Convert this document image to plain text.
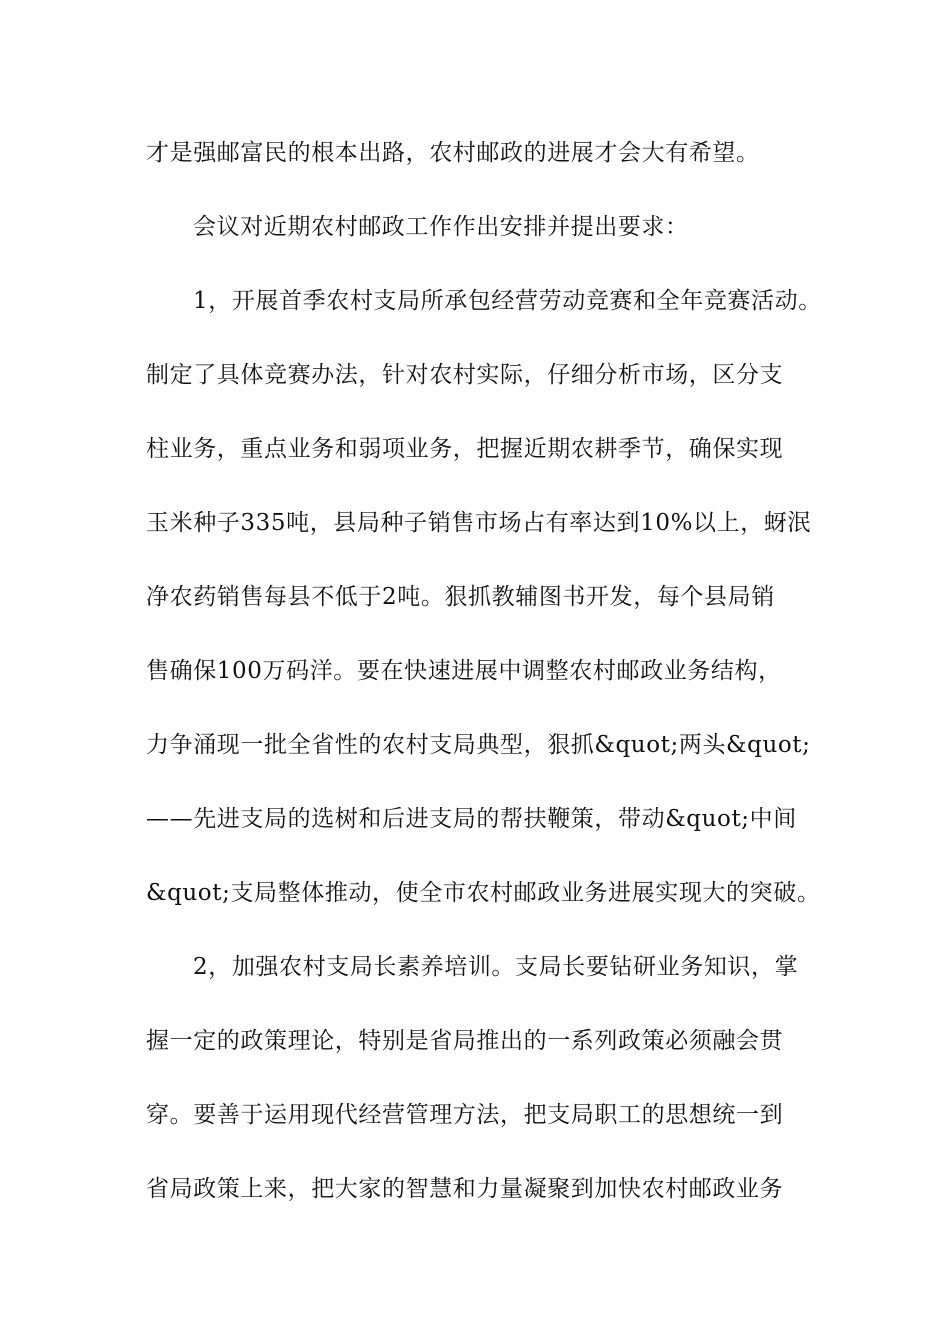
才是强邮富民的根本出路，农村邮政的进展才会大有希望。
会议对近期农村邮政工作作出安排并提出要求：
1，开展首季农村支局所承包经营劳动竞赛和全年竞赛活动。
制定了具体竞赛办法，针对农村实际，仔细分析市场，区分支
柱业务，重点业务和弱项业务，把握近期农耕季节，确保实现
玉米种子335吨，县局种子销售市场占有率达到10%以上，蚜泯
净农药销售每县不低于2吨。狠抓教辅图书开发，每个县局销
售确保100万码洋。要在快速进展中调整农村邮政业务结构，
力争涌现一批全省性的农村支局典型，狠抓&quot;两头&quot;
——先进支局的选树和后进支局的帮扶鞭策，带动&quot;中间
&quot;支局整体推动，使全市农村邮政业务进展实现大的突破。
2，加强农村支局长素养培训。支局长要钻研业务知识，掌
握一定的政策理论，特别是省局推出的一系列政策必须融会贯
穿。要善于运用现代经营管理方法，把支局职工的思想统一到
省局政策上来，把大家的智慧和力量凝聚到加快农村邮政业务
